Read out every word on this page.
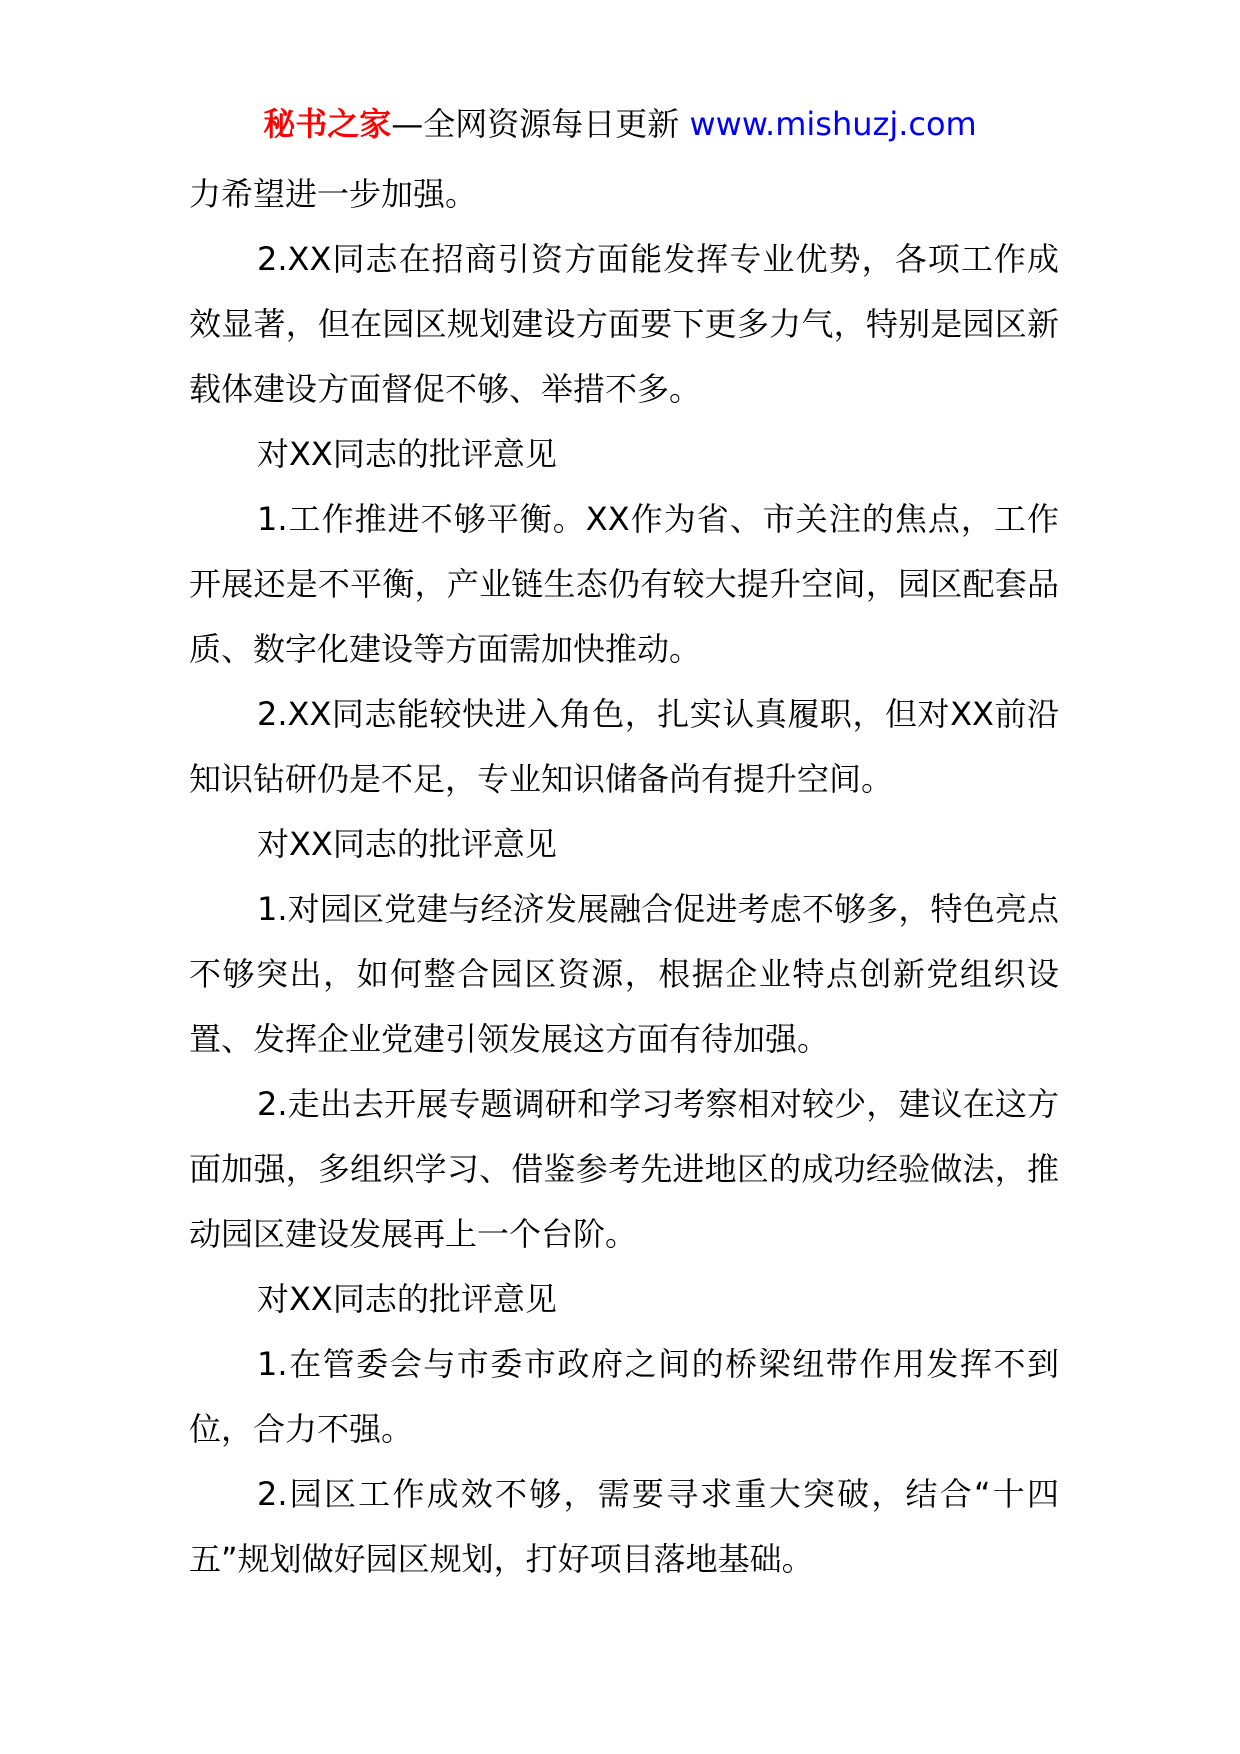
秘书之家—全网资源每日更新 www.mishuzj.com

力希望进一步加强。

2.XX同志在招商引资方面能发挥专业优势，各项工作成效显著，但在园区规划建设方面要下更多力气，特别是园区新载体建设方面督促不够、举措不多。

对XX同志的批评意见

1.工作推进不够平衡。XX作为省、市关注的焦点，工作开展还是不平衡，产业链生态仍有较大提升空间，园区配套品质、数字化建设等方面需加快推动。

2.XX同志能较快进入角色，扎实认真履职，但对XX前沿知识钻研仍是不足，专业知识储备尚有提升空间。

对XX同志的批评意见

1.对园区党建与经济发展融合促进考虑不够多，特色亮点不够突出，如何整合园区资源，根据企业特点创新党组织设置、发挥企业党建引领发展这方面有待加强。

2.走出去开展专题调研和学习考察相对较少，建议在这方面加强，多组织学习、借鉴参考先进地区的成功经验做法，推动园区建设发展再上一个台阶。

对XX同志的批评意见

1.在管委会与市委市政府之间的桥梁纽带作用发挥不到位，合力不强。

2.园区工作成效不够，需要寻求重大突破，结合“十四五”规划做好园区规划，打好项目落地基础。
